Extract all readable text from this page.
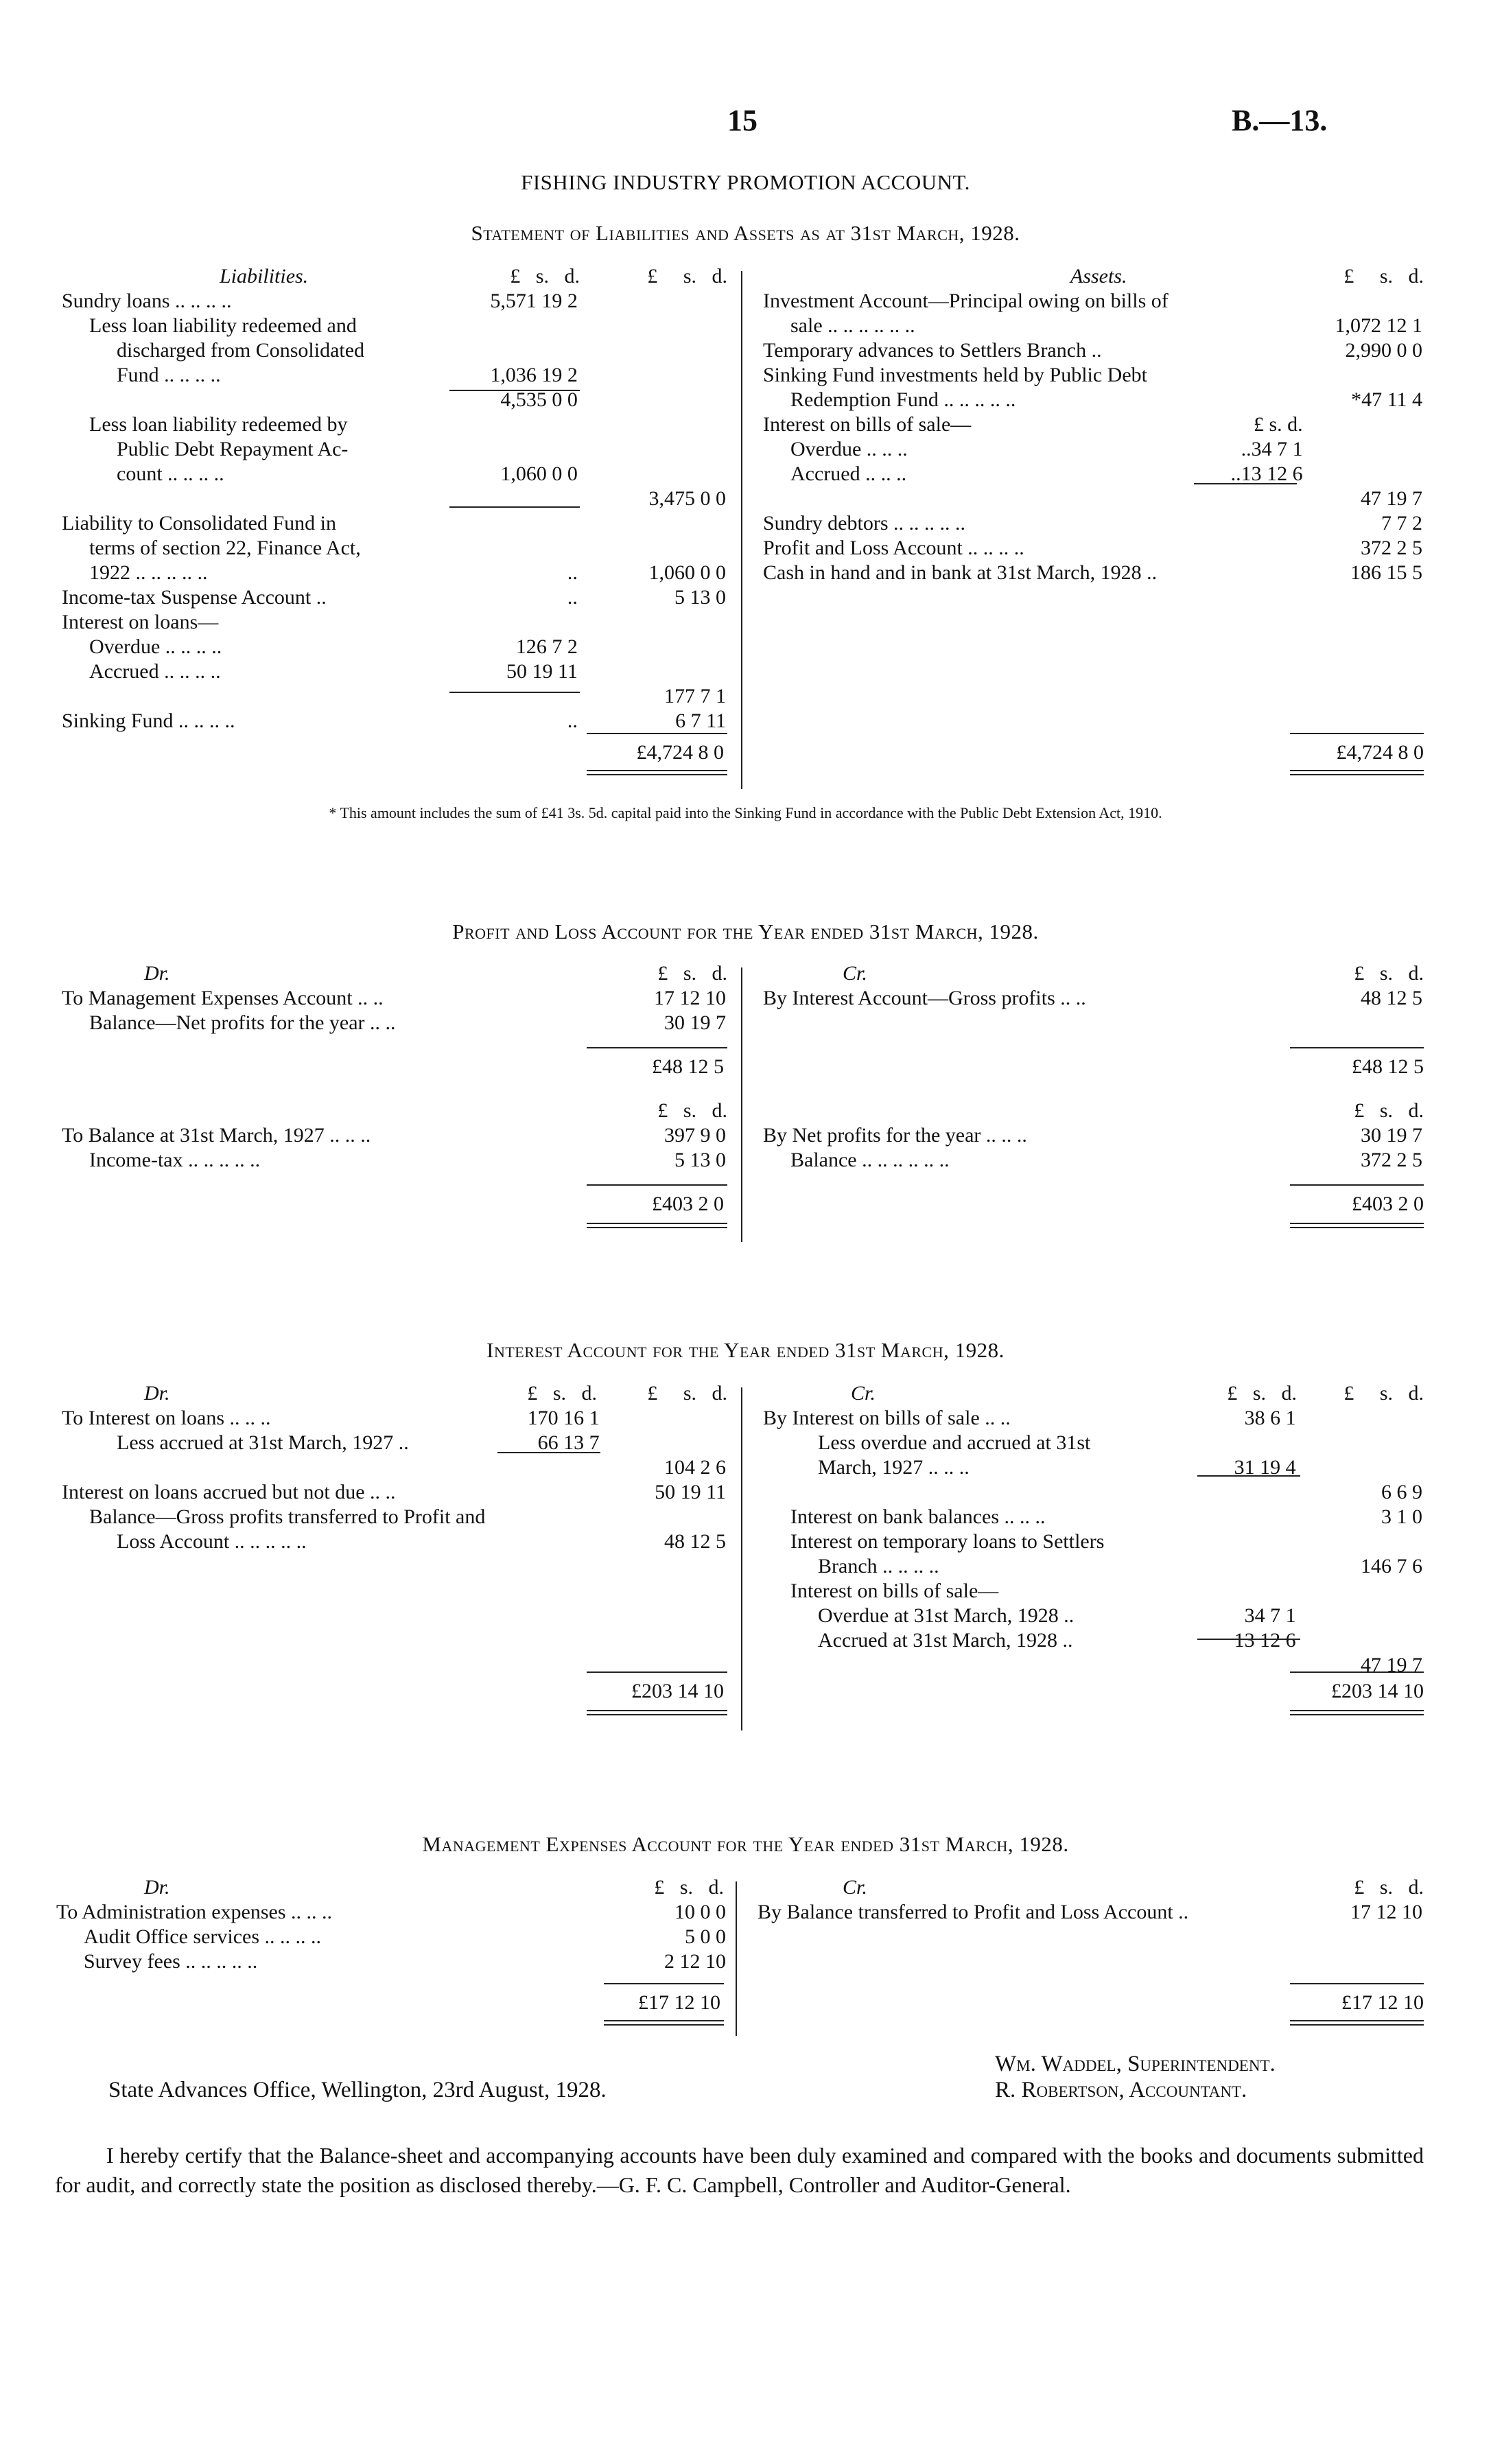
15	B.—13.
FISHING INDUSTRY PROMOTION ACCOUNT.
Statement of Liabilities and Assets as at 31st March, 1928.
Liabilities.	Assets.
£   s.   d.	£     s.   d.	£     s.   d.
Sundry loans .. .. .. ..	5,571 19 2	
Less loan liability redeemed and		
discharged from Consolidated		
Fund .. .. .. ..	1,036 19 2	
	4,535 0 0	
Less loan liability redeemed by		
Public Debt Repayment Ac-		
count .. .. .. ..	1,060 0 0	
		3,475 0 0
Liability to Consolidated Fund in		
terms of section 22, Finance Act,		
1922 .. .. .. .. ..	..	1,060 0 0
Income-tax Suspense Account ..	..	5 13 0
Interest on loans—		
Overdue .. .. .. ..	126 7 2	
Accrued .. .. .. ..	50 19 11	
		177 7 1
Sinking Fund .. .. .. ..	..	6 7 11
Investment Account—Principal owing on bills of		
sale .. .. .. .. .. ..		1,072 12 1
Temporary advances to Settlers Branch ..		2,990 0 0
Sinking Fund investments held by Public Debt		
Redemption Fund .. .. .. .. ..		*47 11 4
Interest on bills of sale—	£ s. d.	
Overdue .. .. ..	..34 7 1	
Accrued .. .. ..	..13 12 6	
		47 19 7
Sundry debtors .. .. .. .. ..		7 7 2
Profit and Loss Account .. .. .. ..		372 2 5
Cash in hand and in bank at 31st March, 1928 ..		186 15 5
£4,724 8 0	£4,724 8 0
* This amount includes the sum of £41 3s. 5d. capital paid into the Sinking Fund in accordance with the Public Debt Extension Act, 1910.
Profit and Loss Account for the Year ended 31st March, 1928.
Dr.	Cr.
£   s.   d.	£   s.   d.
To Management Expenses Account .. ..	17 12 10
Balance—Net profits for the year .. ..	30 19 7
By Interest Account—Gross profits .. ..	48 12 5
£48 12 5	£48 12 5
£   s.   d.	£   s.   d.
To Balance at 31st March, 1927 .. .. ..	397 9 0
Income-tax .. .. .. .. ..	5 13 0
By Net profits for the year .. .. ..	30 19 7
Balance .. .. .. .. .. ..	372 2 5
£403 2 0	£403 2 0
Interest Account for the Year ended 31st March, 1928.
Dr.	Cr.
£   s.   d.	£     s.   d.	£   s.   d.	£     s.   d.
To Interest on loans .. .. ..	170 16 1	
Less accrued at 31st March, 1927 ..	66 13 7	
		104 2 6
Interest on loans accrued but not due .. ..		50 19 11
Balance—Gross profits transferred to Profit and		
Loss Account .. .. .. .. ..		48 12 5
By Interest on bills of sale .. ..	38 6 1	
Less overdue and accrued at 31st		
March, 1927 .. .. ..	31 19 4	
		6 6 9
Interest on bank balances .. .. ..		3 1 0
Interest on temporary loans to Settlers		
Branch .. .. .. ..		146 7 6
Interest on bills of sale—		
Overdue at 31st March, 1928 ..	34 7 1	
Accrued at 31st March, 1928 ..	13 12 6	
		47 19 7
£203 14 10	£203 14 10
Management Expenses Account for the Year ended 31st March, 1928.
Dr.	Cr.
£   s.   d.	£   s.   d.
To Administration expenses .. .. ..	10 0 0
Audit Office services .. .. .. ..	5 0 0
Survey fees .. .. .. .. ..	2 12 10
By Balance transferred to Profit and Loss Account ..	17 12 10
£17 12 10	£17 12 10
Wm. Waddel, Superintendent.
State Advances Office, Wellington, 23rd August, 1928.	R. Robertson, Accountant.
I hereby certify that the Balance-sheet and accompanying accounts have been duly examined and compared with the books and documents submitted for audit, and correctly state the position as disclosed thereby.—G. F. C. Campbell, Controller and Auditor-General.
